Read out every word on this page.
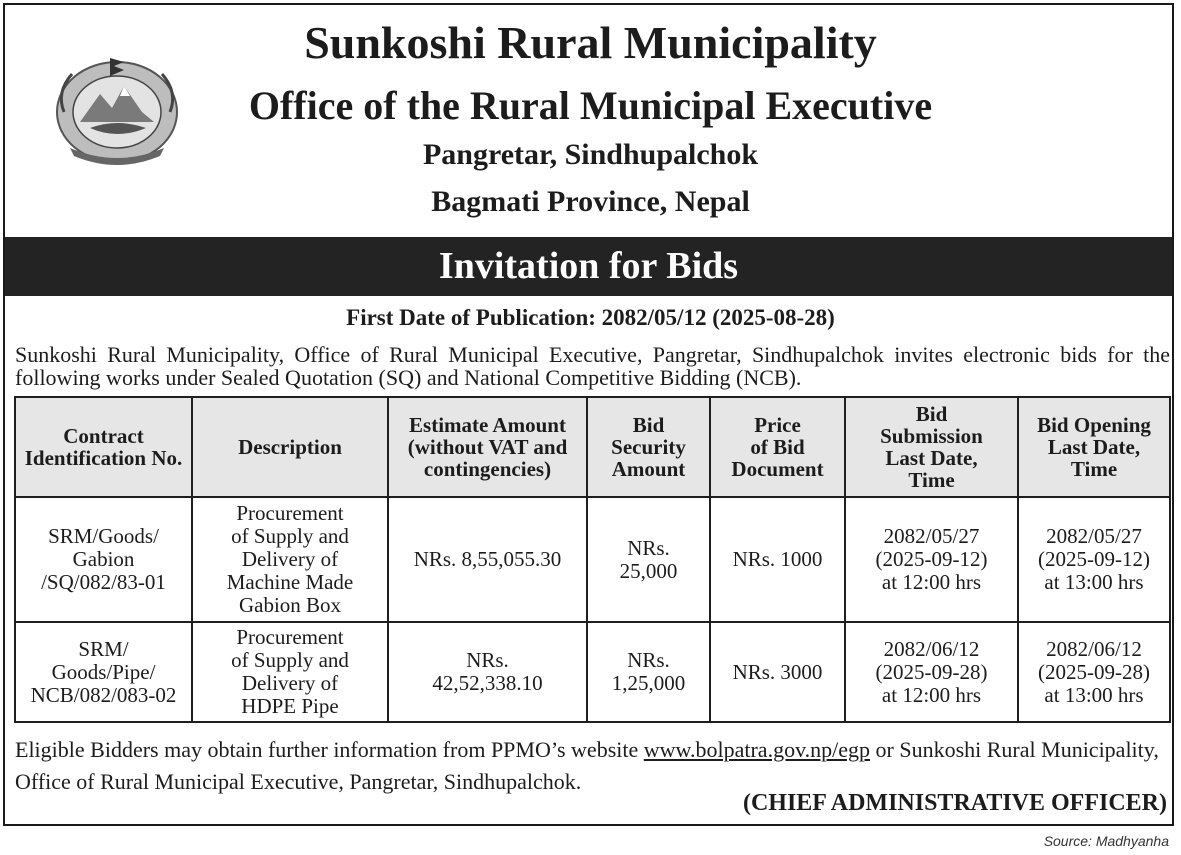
Sunkoshi Rural Municipality
Office of the Rural Municipal Executive
Pangretar, Sindhupalchok
Bagmati Province, Nepal
Invitation for Bids
First Date of Publication: 2082/05/12 (2025-08-28)
Sunkoshi Rural Municipality, Office of Rural Municipal Executive, Pangretar, Sindhupalchok invites electronic bids for the following works under Sealed Quotation (SQ) and National Competitive Bidding (NCB).
Contract
Identification No.	Description	Estimate Amount
(without VAT and
contingencies)	Bid
Security
Amount	Price
of Bid
Document	Bid
Submission
Last Date,
Time	Bid Opening
Last Date,
Time

SRM/Goods/
Gabion
/SQ/082/83-01	Procurement
of Supply and
Delivery of
Machine Made
Gabion Box	NRs. 8,55,055.30	NRs.
25,000	NRs. 1000	2082/05/27
(2025-09-12)
at 12:00 hrs	2082/05/27
(2025-09-12)
at 13:00 hrs

SRM/
Goods/Pipe/
NCB/082/083-02	Procurement
of Supply and
Delivery of
HDPE Pipe	NRs.
42,52,338.10	NRs.
1,25,000	NRs. 3000	2082/06/12
(2025-09-28)
at 12:00 hrs	2082/06/12
(2025-09-28)
at 13:00 hrs
Eligible Bidders may obtain further information from PPMO’s website www.bolpatra.gov.np/egp or Sunkoshi Rural Municipality, Office of Rural Municipal Executive, Pangretar, Sindhupalchok.
(CHIEF ADMINISTRATIVE OFFICER)
Source: Madhyanha
